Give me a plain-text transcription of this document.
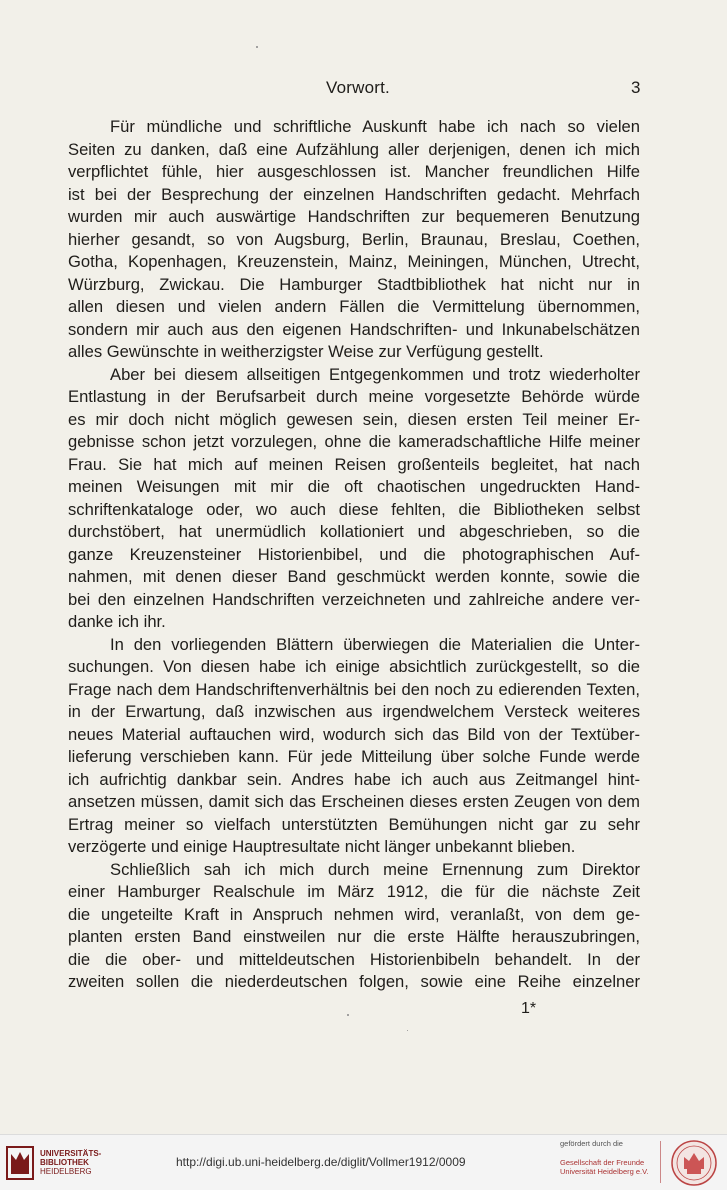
Vorwort.	3
Für mündliche und schriftliche Auskunft habe ich nach so vielen
Seiten zu danken, daß eine Aufzählung aller derjenigen, denen ich mich
verpflichtet fühle, hier ausgeschlossen ist. Mancher freundlichen Hilfe
ist bei der Besprechung der einzelnen Handschriften gedacht. Mehrfach
wurden mir auch auswärtige Handschriften zur bequemeren Benutzung
hierher gesandt, so von Augsburg, Berlin, Braunau, Breslau, Coethen,
Gotha, Kopenhagen, Kreuzenstein, Mainz, Meiningen, München, Utrecht,
Würzburg, Zwickau. Die Hamburger Stadtbibliothek hat nicht nur in
allen diesen und vielen andern Fällen die Vermittelung übernommen,
sondern mir auch aus den eigenen Handschriften- und Inkunabelschätzen
alles Gewünschte in weitherzigster Weise zur Verfügung gestellt.
Aber bei diesem allseitigen Entgegenkommen und trotz wiederholter
Entlastung in der Berufsarbeit durch meine vorgesetzte Behörde würde
es mir doch nicht möglich gewesen sein, diesen ersten Teil meiner Er-
gebnisse schon jetzt vorzulegen, ohne die kameradschaftliche Hilfe meiner
Frau. Sie hat mich auf meinen Reisen großenteils begleitet, hat nach
meinen Weisungen mit mir die oft chaotischen ungedruckten Hand-
schriftenkataloge oder, wo auch diese fehlten, die Bibliotheken selbst
durchstöbert, hat unermüdlich kollationiert und abgeschrieben, so die
ganze Kreuzensteiner Historienbibel, und die photographischen Auf-
nahmen, mit denen dieser Band geschmückt werden konnte, sowie die
bei den einzelnen Handschriften verzeichneten und zahlreiche andere ver-
danke ich ihr.
In den vorliegenden Blättern überwiegen die Materialien die Unter-
suchungen. Von diesen habe ich einige absichtlich zurückgestellt, so die
Frage nach dem Handschriftenverhältnis bei den noch zu edierenden Texten,
in der Erwartung, daß inzwischen aus irgendwelchem Versteck weiteres
neues Material auftauchen wird, wodurch sich das Bild von der Textüber-
lieferung verschieben kann. Für jede Mitteilung über solche Funde werde
ich aufrichtig dankbar sein. Andres habe ich auch aus Zeitmangel hint-
ansetzen müssen, damit sich das Erscheinen dieses ersten Zeugen von dem
Ertrag meiner so vielfach unterstützten Bemühungen nicht gar zu sehr
verzögerte und einige Hauptresultate nicht länger unbekannt blieben.
Schließlich sah ich mich durch meine Ernennung zum Direktor
einer Hamburger Realschule im März 1912, die für die nächste Zeit
die ungeteilte Kraft in Anspruch nehmen wird, veranlaßt, von dem ge-
planten ersten Band einstweilen nur die erste Hälfte herauszubringen,
die die ober- und mitteldeutschen Historienbibeln behandelt. In der
zweiten sollen die niederdeutschen folgen, sowie eine Reihe einzelner
1*
UNIVERSITÄTS-
BIBLIOTHEK
HEIDELBERG
http://digi.ub.uni-heidelberg.de/diglit/Vollmer1912/0009
gefördert durch die
Gesellschaft der Freunde
Universität Heidelberg e.V.
